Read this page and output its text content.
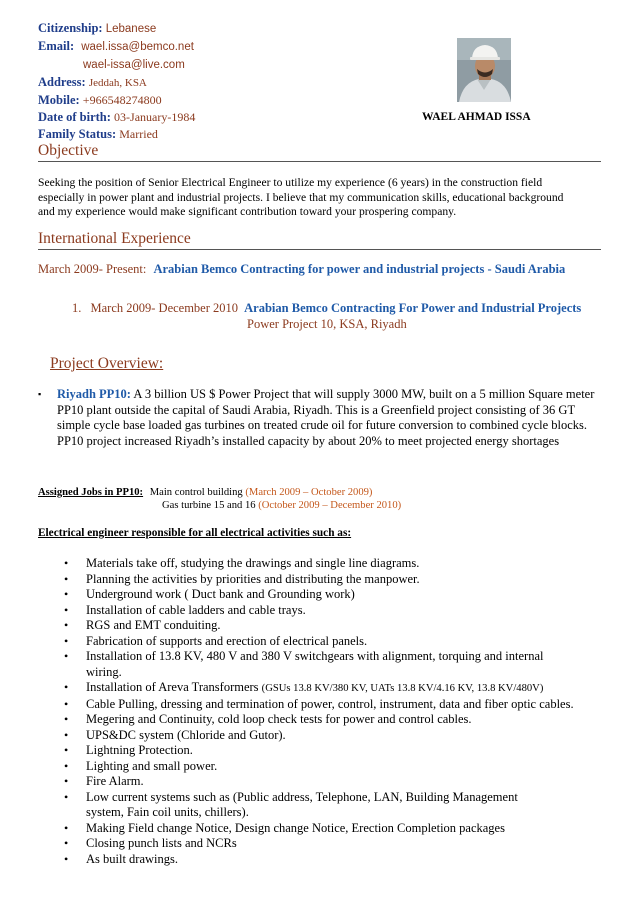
Citizenship: Lebanese
Email: wael.issa@bemco.net
wael-issa@live.com
Address: Jeddah, KSA
Mobile: +966548274800
Date of birth: 03-January-1984
Family Status: Married
WAEL AHMAD ISSA
Objective
Seeking the position of Senior Electrical Engineer to utilize my experience (6 years) in the construction field especially in power plant and industrial projects. I believe that my communication skills, educational background and my experience would make significant contribution toward your prospering company.
International Experience
March 2009- Present: Arabian Bemco Contracting for power and industrial projects - Saudi Arabia
1. March 2009- December 2010 Arabian Bemco Contracting For Power and Industrial Projects
Power Project 10, KSA, Riyadh
Project Overview:
▪ Riyadh PP10: A 3 billion US $ Power Project that will supply 3000 MW, built on a 5 million Square meter PP10 plant outside the capital of Saudi Arabia, Riyadh. This is a Greenfield project consisting of 36 GT simple cycle base loaded gas turbines on treated crude oil for future conversion to combined cycle blocks. PP10 project increased Riyadh’s installed capacity by about 20% to meet projected energy shortages
Assigned Jobs in PP10: Main control building (March 2009 – October 2009)
Gas turbine 15 and 16 (October 2009 – December 2010)
Electrical engineer responsible for all electrical activities such as:
• Materials take off, studying the drawings and single line diagrams.
• Planning the activities by priorities and distributing the manpower.
• Underground work ( Duct bank and Grounding work)
• Installation of cable ladders and cable trays.
• RGS and EMT conduiting.
• Fabrication of supports and erection of electrical panels.
• Installation of 13.8 KV, 480 V and 380 V switchgears with alignment, torquing and internal wiring.
• Installation of Areva Transformers (GSUs 13.8 KV/380 KV, UATs 13.8 KV/4.16 KV, 13.8 KV/480V)
• Cable Pulling, dressing and termination of power, control, instrument, data and fiber optic cables.
• Megering and Continuity, cold loop check tests for power and control cables.
• UPS&DC system (Chloride and Gutor).
• Lightning Protection.
• Lighting and small power.
• Fire Alarm.
• Low current systems such as (Public address, Telephone, LAN, Building Management system, Fain coil units, chillers).
• Making Field change Notice, Design change Notice, Erection Completion packages
• Closing punch lists and NCRs
• As built drawings.
